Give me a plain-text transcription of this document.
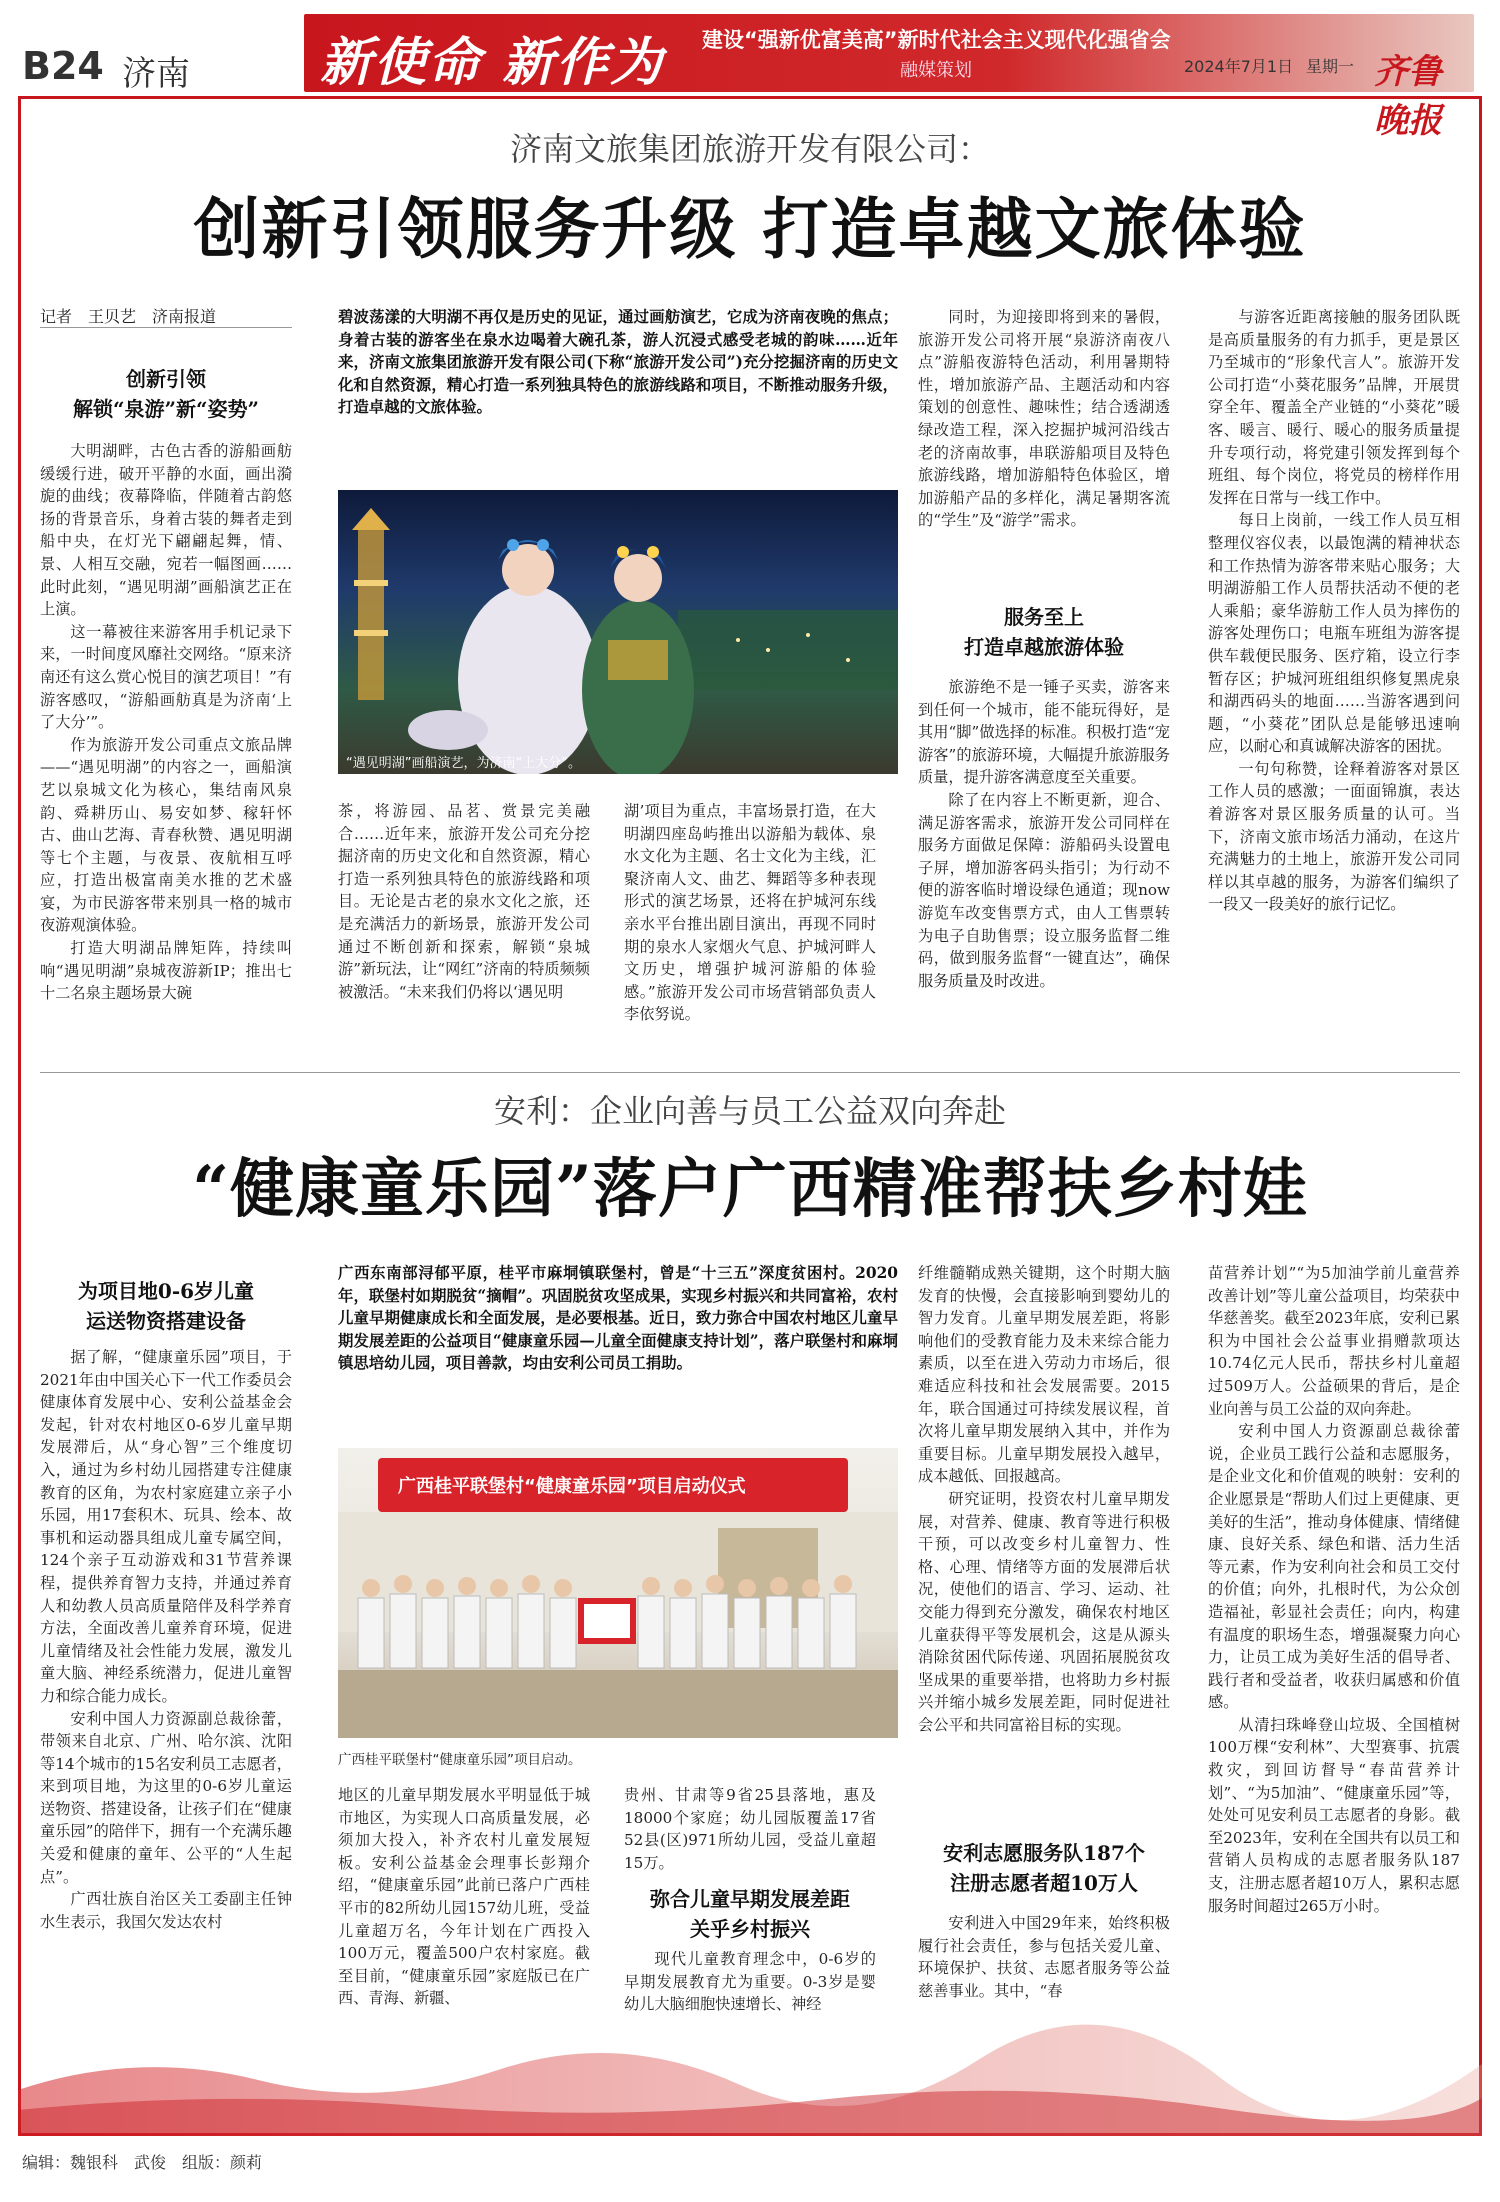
B24 济南	新使命 新作为 建设“强新优富美高”新时代社会主义现代化强省会
融媒策划	2024年7月1日 星期一 齐鲁晚报
济南文旅集团旅游开发有限公司：
创新引领服务升级 打造卓越文旅体验
记者　王贝艺　济南报道
创新引领
解锁“泉游”新“姿势”

大明湖畔，古色古香的游船画舫缓缓行进，破开平静的水面，画出漪旎的曲线；夜幕降临，伴随着古韵悠扬的背景音乐，身着古装的舞者走到船中央，在灯光下翩翩起舞，情、景、人相互交融，宛若一幅图画……此时此刻，“遇见明湖”画船演艺正在上演。

这一幕被往来游客用手机记录下来，一时间度风靡社交网络。“原来济南还有这么赏心悦目的演艺项目！”有游客感叹，“游船画舫真是为济南‘上了大分’”。

作为旅游开发公司重点文旅品牌——“遇见明湖”的内容之一，画船演艺以泉城文化为核心，集结南风泉韵、舜耕历山、易安如梦、稼轩怀古、曲山艺海、青春秋赞、遇见明湖等七个主题，与夜景、夜航相互呼应，打造出极富南美水推的艺术盛宴，为市民游客带来别具一格的城市夜游观演体验。

打造大明湖品牌矩阵，持续叫响“遇见明湖”泉城夜游新IP；推出七十二名泉主题场景大碗

碧波荡漾的大明湖不再仅是历史的见证，通过画舫演艺，它成为济南夜晚的焦点；身着古装的游客坐在泉水边喝着大碗孔茶，游人沉浸式感受老城的韵味……近年来，济南文旅集团旅游开发有限公司(下称“旅游开发公司”)充分挖掘济南的历史文化和自然资源，精心打造一系列独具特色的旅游线路和项目，不断推动服务升级，打造卓越的文旅体验。
“遇见明湖”画船演艺，为济南“上大分”。
茶，将游园、品茗、赏景完美融合……近年来，旅游开发公司充分挖掘济南的历史文化和自然资源，精心打造一系列独具特色的旅游线路和项目。无论是古老的泉水文化之旅，还是充满活力的新场景，旅游开发公司通过不断创新和探索，解锁“泉城游”新玩法，让“网红”济南的特质频频被激活。“未来我们仍将以‘遇见明
湖’项目为重点，丰富场景打造，在大明湖四座岛屿推出以游船为载体、泉水文化为主题、名士文化为主线，汇聚济南人文、曲艺、舞蹈等多种表现形式的演艺场景，还将在护城河东线亲水平台推出剧目演出，再现不同时期的泉水人家烟火气息、护城河畔人文历史，增强护城河游船的体验感。”旅游开发公司市场营销部负责人李依努说。

同时，为迎接即将到来的暑假，旅游开发公司将开展“泉游济南夜八点”游船夜游特色活动，利用暑期特性，增加旅游产品、主题活动和内容策划的创意性、趣味性；结合透湖透绿改造工程，深入挖掘护城河沿线古老的济南故事，串联游船项目及特色旅游线路，增加游船特色体验区，增加游船产品的多样化，满足暑期客流的“学生”及“游学”需求。

服务至上
打造卓越旅游体验

旅游绝不是一锤子买卖，游客来到任何一个城市，能不能玩得好，是其用“脚”做选择的标准。积极打造“宠游客”的旅游环境，大幅提升旅游服务质量，提升游客满意度至关重要。

除了在内容上不断更新，迎合、满足游客需求，旅游开发公司同样在服务方面做足保障：游船码头设置电子屏，增加游客码头指引；为行动不便的游客临时增设绿色通道；现now游览车改变售票方式，由人工售票转为电子自助售票；设立服务监督二维码，做到服务监督“一键直达”，确保服务质量及时改进。

与游客近距离接触的服务团队既是高质量服务的有力抓手，更是景区乃至城市的“形象代言人”。旅游开发公司打造“小葵花服务”品牌，开展贯穿全年、覆盖全产业链的“小葵花”暖客、暖言、暖行、暖心的服务质量提升专项行动，将党建引领发挥到每个班组、每个岗位，将党员的榜样作用发挥在日常与一线工作中。

每日上岗前，一线工作人员互相整理仪容仪表，以最饱满的精神状态和工作热情为游客带来贴心服务；大明湖游船工作人员帮扶活动不便的老人乘船；豪华游舫工作人员为摔伤的游客处理伤口；电瓶车班组为游客提供车载便民服务、医疗箱，设立行李暂存区；护城河班组组织修复黑虎泉和湖西码头的地面……当游客遇到问题，“小葵花”团队总是能够迅速响应，以耐心和真诚解决游客的困扰。

一句句称赞，诠释着游客对景区工作人员的感激；一面面锦旗，表达着游客对景区服务质量的认可。当下，济南文旅市场活力涌动，在这片充满魅力的土地上，旅游开发公司同样以其卓越的服务，为游客们编织了一段又一段美好的旅行记忆。

安利：企业向善与员工公益双向奔赴
“健康童乐园”落户广西精准帮扶乡村娃
为项目地0-6岁儿童
运送物资搭建设备

据了解，“健康童乐园”项目，于2021年由中国关心下一代工作委员会健康体育发展中心、安利公益基金会发起，针对农村地区0-6岁儿童早期发展滞后，从“身心智”三个维度切入，通过为乡村幼儿园搭建专注健康教育的区角，为农村家庭建立亲子小乐园，用17套积木、玩具、绘本、故事机和运动器具组成儿童专属空间，124个亲子互动游戏和31节营养课程，提供养育智力支持，并通过养育人和幼教人员高质量陪伴及科学养育方法，全面改善儿童养育环境，促进儿童情绪及社会性能力发展，激发儿童大脑、神经系统潜力，促进儿童智力和综合能力成长。

安利中国人力资源副总裁徐蕾，带领来自北京、广州、哈尔滨、沈阳等14个城市的15名安利员工志愿者，来到项目地，为这里的0-6岁儿童运送物资、搭建设备，让孩子们在“健康童乐园”的陪伴下，拥有一个充满乐趣关爱和健康的童年、公平的“人生起点”。

广西壮族自治区关工委副主任钟水生表示，我国欠发达农村

广西东南部浔郁平原，桂平市麻垌镇联堡村，曾是“十三五”深度贫困村。2020年，联堡村如期脱贫“摘帽”。巩固脱贫攻坚成果，实现乡村振兴和共同富裕，农村儿童早期健康成长和全面发展，是必要根基。近日，致力弥合中国农村地区儿童早期发展差距的公益项目“健康童乐园—儿童全面健康支持计划”，落户联堡村和麻垌镇思培幼儿园，项目善款，均由安利公司员工捐助。
广西桂平联堡村“健康童乐园”项目启动仪式
广西桂平联堡村“健康童乐园”项目启动。
地区的儿童早期发展水平明显低于城市地区，为实现人口高质量发展，必须加大投入，补齐农村儿童发展短板。安利公益基金会理事长彭翔介绍，“健康童乐园”此前已落户广西桂平市的82所幼儿园157幼儿班，受益儿童超万名，今年计划在广西投入100万元，覆盖500户农村家庭。截至目前，“健康童乐园”家庭版已在广西、青海、新疆、
贵州、甘肃等9省25县落地，惠及18000个家庭；幼儿园版覆盖17省52县(区)971所幼儿园，受益儿童超15万。
弥合儿童早期发展差距
关乎乡村振兴

现代儿童教育理念中，0-6岁的早期发展教育尤为重要。0-3岁是婴幼儿大脑细胞快速增长、神经

纤维髓鞘成熟关键期，这个时期大脑发育的快慢，会直接影响到婴幼儿的智力发育。儿童早期发展差距，将影响他们的受教育能力及未来综合能力素质，以至在进入劳动力市场后，很难适应科技和社会发展需要。2015年，联合国通过可持续发展议程，首次将儿童早期发展纳入其中，并作为重要目标。儿童早期发展投入越早，成本越低、回报越高。

研究证明，投资农村儿童早期发展，对营养、健康、教育等进行积极干预，可以改变乡村儿童智力、性格、心理、情绪等方面的发展滞后状况，使他们的语言、学习、运动、社交能力得到充分激发，确保农村地区儿童获得平等发展机会，这是从源头消除贫困代际传递、巩固拓展脱贫攻坚成果的重要举措，也将助力乡村振兴并缩小城乡发展差距，同时促进社会公平和共同富裕目标的实现。

安利志愿服务队187个
注册志愿者超10万人

安利进入中国29年来，始终积极履行社会责任，参与包括关爱儿童、环境保护、扶贫、志愿者服务等公益慈善事业。其中，“春

苗营养计划”“为5加油学前儿童营养改善计划”等儿童公益项目，均荣获中华慈善奖。截至2023年底，安利已累积为中国社会公益事业捐赠款项达10.74亿元人民币，帮扶乡村儿童超过509万人。公益硕果的背后，是企业向善与员工公益的双向奔赴。

安利中国人力资源副总裁徐蕾说，企业员工践行公益和志愿服务，是企业文化和价值观的映射：安利的企业愿景是“帮助人们过上更健康、更美好的生活”，推动身体健康、情绪健康、良好关系、绿色和谐、活力生活等元素，作为安利向社会和员工交付的价值；向外，扎根时代，为公众创造福祉，彰显社会责任；向内，构建有温度的职场生态，增强凝聚力向心力，让员工成为美好生活的倡导者、践行者和受益者，收获归属感和价值感。

从清扫珠峰登山垃圾、全国植树100万棵“安利林”、大型赛事、抗震救灾，到回访督导“春苗营养计划”、“为5加油”、“健康童乐园”等，处处可见安利员工志愿者的身影。截至2023年，安利在全国共有以员工和营销人员构成的志愿者服务队187支，注册志愿者超10万人，累积志愿服务时间超过265万小时。

编辑：魏银科　武俊　组版：颜莉
